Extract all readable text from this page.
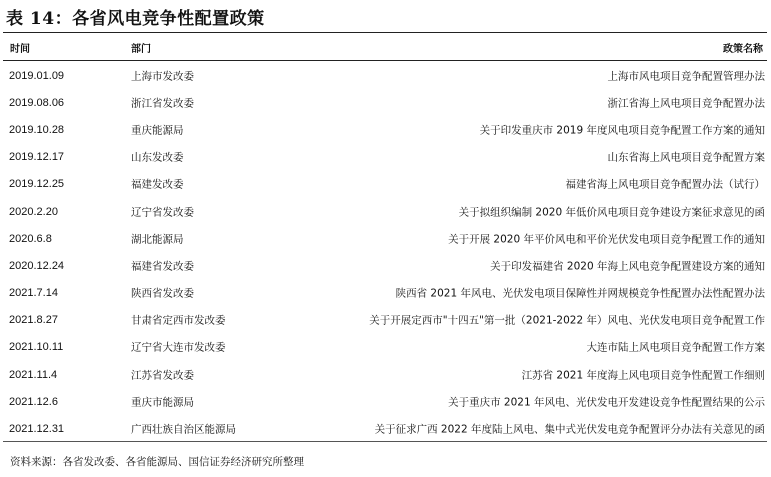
表 14：各省风电竞争性配置政策
时间	部门	政策名称
2019.01.09	上海市发改委	上海市风电项目竞争配置管理办法
2019.08.06	浙江省发改委	浙江省海上风电项目竞争配置办法
2019.10.28	重庆能源局	关于印发重庆市 2019 年度风电项目竞争配置工作方案的通知
2019.12.17	山东发改委	山东省海上风电项目竞争配置方案
2019.12.25	福建发改委	福建省海上风电项目竞争配置办法（试行）
2020.2.20	辽宁省发改委	关于拟组织编制 2020 年低价风电项目竞争建设方案征求意见的函
2020.6.8	湖北能源局	关于开展 2020 年平价风电和平价光伏发电项目竞争配置工作的通知
2020.12.24	福建省发改委	关于印发福建省 2020 年海上风电竞争配置建设方案的通知
2021.7.14	陕西省发改委	陕西省 2021 年风电、光伏发电项目保障性并网规模竞争性配置办法性配置办法
2021.8.27	甘肃省定西市发改委	关于开展定西市"十四五"第一批（2021-2022 年）风电、光伏发电项目竞争配置工作
2021.10.11	辽宁省大连市发改委	大连市陆上风电项目竞争配置工作方案
2021.11.4	江苏省发改委	江苏省 2021 年度海上风电项目竞争性配置工作细则
2021.12.6	重庆市能源局	关于重庆市 2021 年风电、光伏发电开发建设竞争性配置结果的公示
2021.12.31	广西壮族自治区能源局	关于征求广西 2022 年度陆上风电、集中式光伏发电竞争配置评分办法有关意见的函
资料来源：各省发改委、各省能源局、国信证券经济研究所整理
